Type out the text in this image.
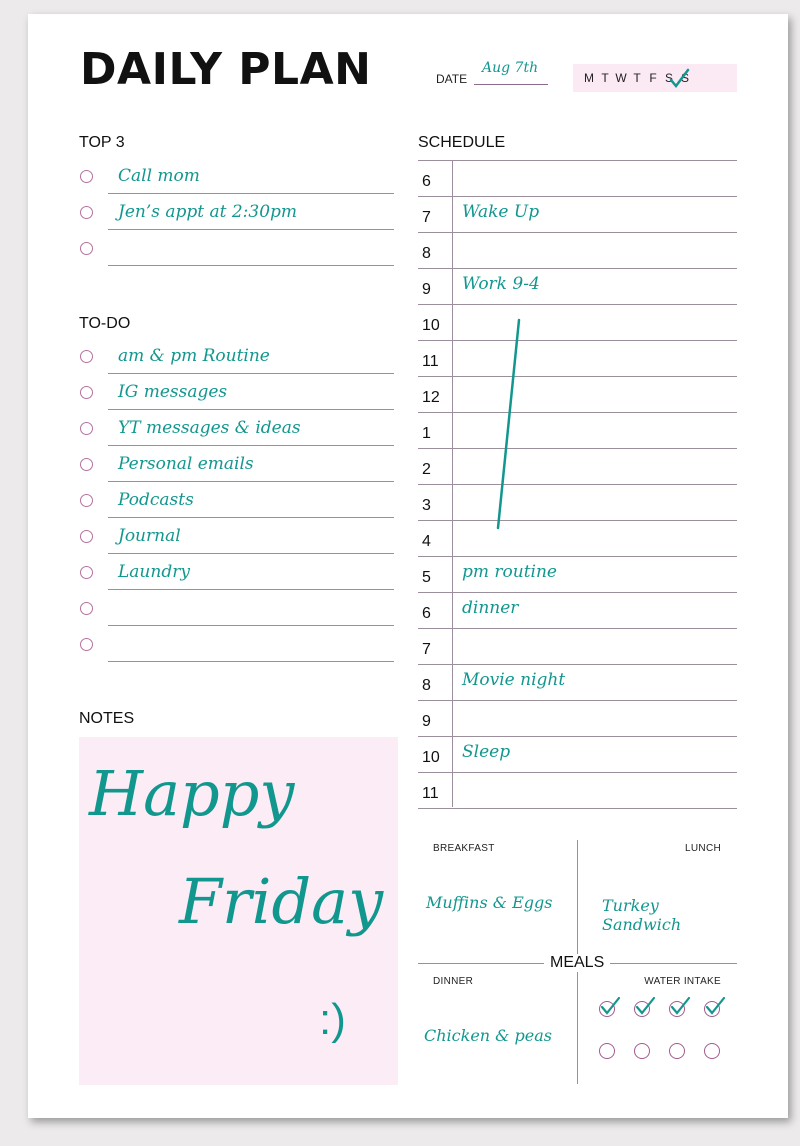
DAILY PLAN	DATE
Aug 7th
M T W T F S S
TOP 3
Call mom
Jen’s appt at 2:30pm
TO-DO
am & pm Routine
IG messages
YT messages & ideas
Personal emails
Podcasts
Journal
Laundry
NOTES
Happy
Friday
:)
SCHEDULE
6
7	Wake Up
8
9	Work 9-4
10
11
12
1
2
3
4
5	pm routine
6	dinner
7
8	Movie night
9
10	Sleep
11
BREAKFAST	LUNCH
Muffins & Eggs	Turkey Sandwich
MEALS
DINNER	WATER INTAKE
Chicken & peas
